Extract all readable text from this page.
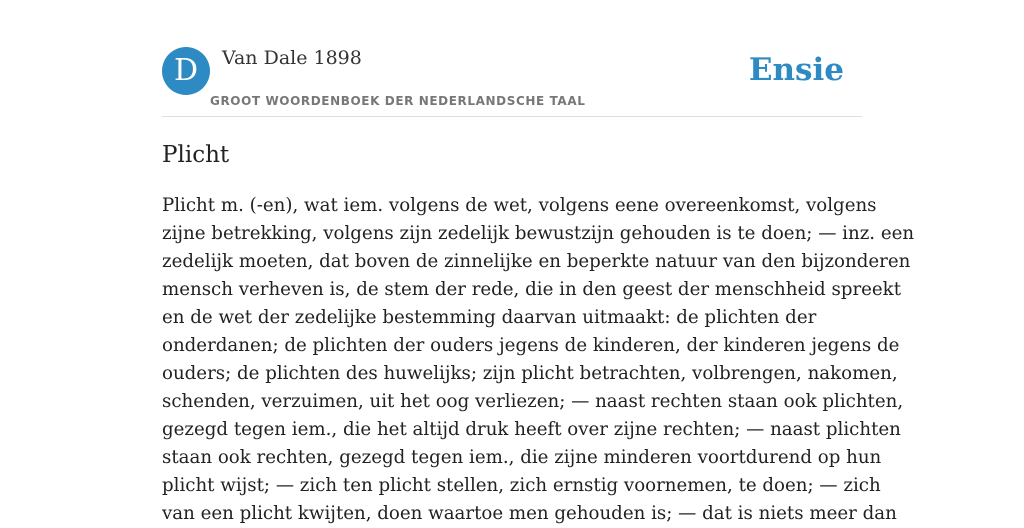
D	Van Dale 1898
GROOT WOORDENBOEK DER NEDERLANDSCHE TAAL
Ensie
Plicht
Plicht m. (-en), wat iem. volgens de wet, volgens eene overeenkomst, volgens
zijne betrekking, volgens zijn zedelijk bewustzijn gehouden is te doen; — inz. een
zedelijk moeten, dat boven de zinnelijke en beperkte natuur van den bijzonderen
mensch verheven is, de stem der rede, die in den geest der menschheid spreekt
en de wet der zedelijke bestemming daarvan uitmaakt: de plichten der
onderdanen; de plichten der ouders jegens de kinderen, der kinderen jegens de
ouders; de plichten des huwelijks; zijn plicht betrachten, volbrengen, nakomen,
schenden, verzuimen, uit het oog verliezen; — naast rechten staan ook plichten,
gezegd tegen iem., die het altijd druk heeft over zijne rechten; — naast plichten
staan ook rechten, gezegd tegen iem., die zijne minderen voortdurend op hun
plicht wijst; — zich ten plicht stellen, zich ernstig voornemen, te doen; — zich
van een plicht kwijten, doen waartoe men gehouden is; — dat is niets meer dan
